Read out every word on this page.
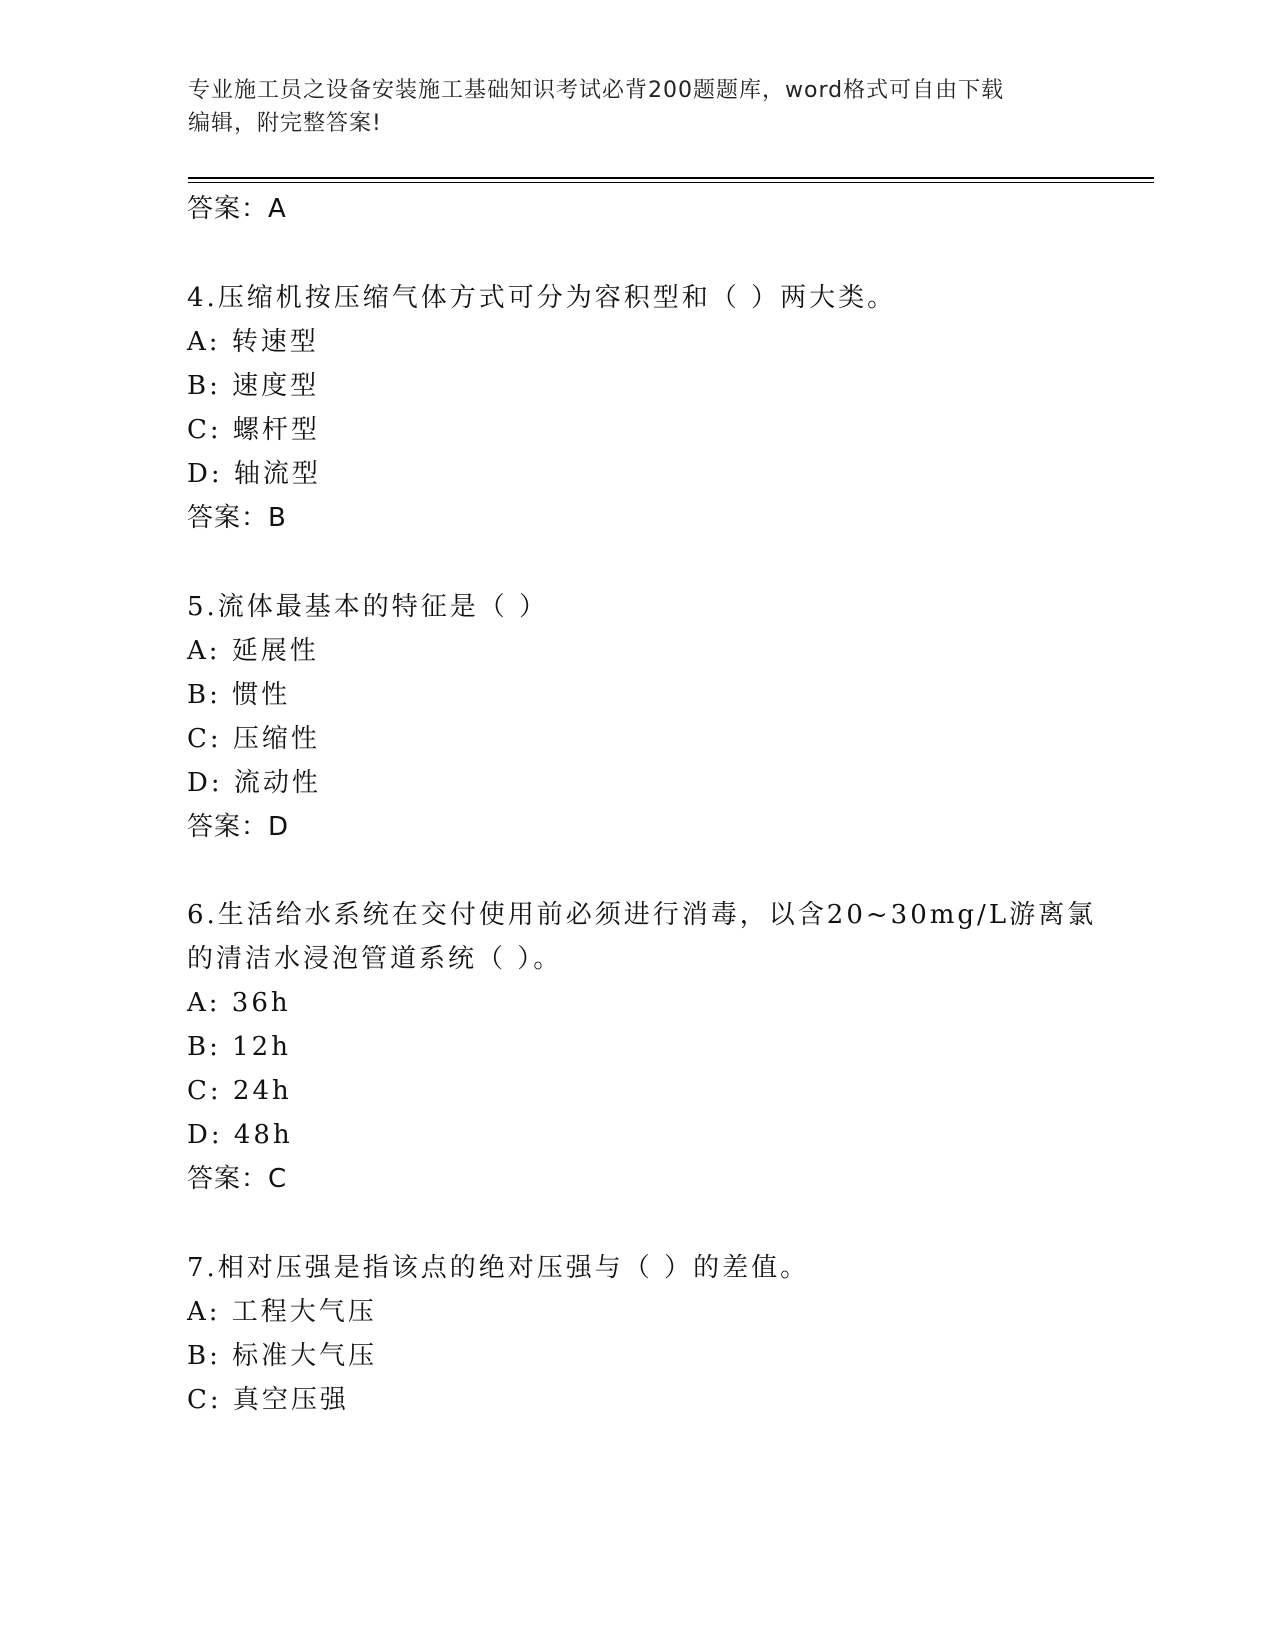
专业施工员之设备安装施工基础知识考试必背200题题库，word格式可自由下载
编辑，附完整答案!
答案：A
4.压缩机按压缩气体方式可分为容积型和（ ）两大类。
A: 转速型
B: 速度型
C: 螺杆型
D: 轴流型
答案：B
5.流体最基本的特征是（ ）
A: 延展性
B: 惯性
C: 压缩性
D: 流动性
答案：D
6.生活给水系统在交付使用前必须进行消毒，以含20~30mg/L游离氯
的清洁水浸泡管道系统（ ）。
A: 36h
B: 12h
C: 24h
D: 48h
答案：C
7.相对压强是指该点的绝对压强与（ ）的差值。
A: 工程大气压
B: 标准大气压
C: 真空压强
